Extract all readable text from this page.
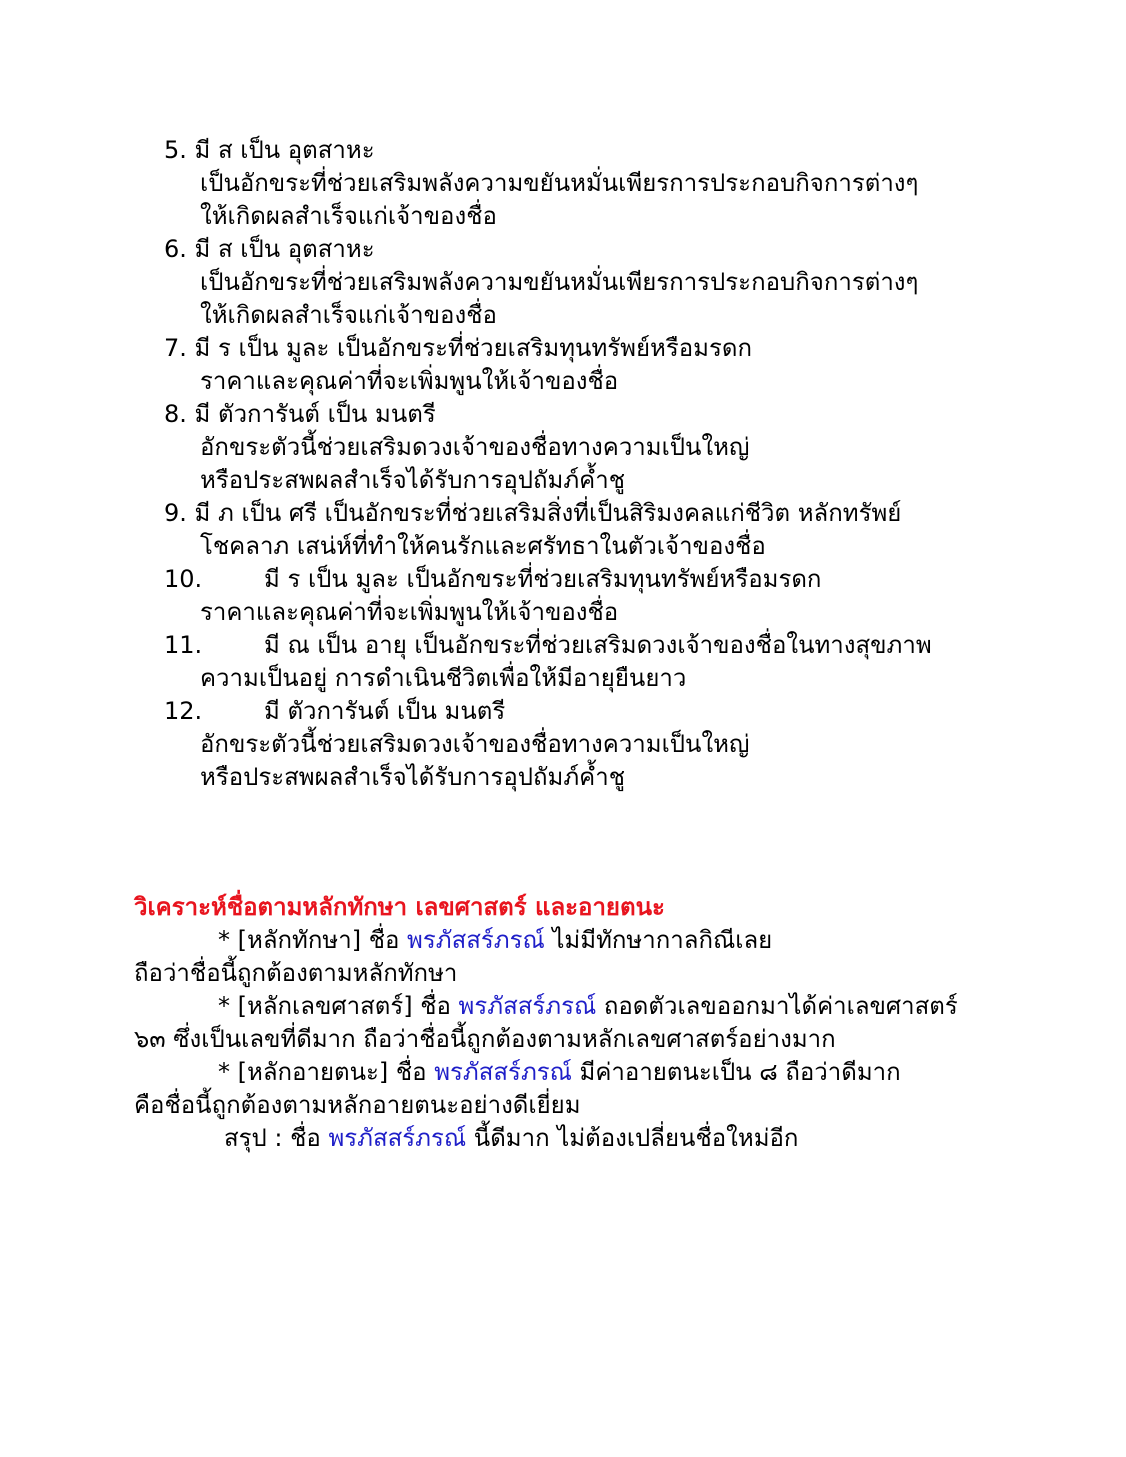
5. มี ส เป็น อุตสาหะ
เป็นอักขระที่ช่วยเสริมพลังความขยันหมั่นเพียรการประกอบกิจการต่างๆ
ให้เกิดผลสำเร็จแก่เจ้าของชื่อ
6. มี ส เป็น อุตสาหะ
เป็นอักขระที่ช่วยเสริมพลังความขยันหมั่นเพียรการประกอบกิจการต่างๆ
ให้เกิดผลสำเร็จแก่เจ้าของชื่อ
7. มี ร เป็น มูละ เป็นอักขระที่ช่วยเสริมทุนทรัพย์หรือมรดก
ราคาและคุณค่าที่จะเพิ่มพูนให้เจ้าของชื่อ
8. มี ตัวการันต์ เป็น มนตรี
อักขระตัวนี้ช่วยเสริมดวงเจ้าของชื่อทางความเป็นใหญ่
หรือประสพผลสำเร็จได้รับการอุปถัมภ์ค้ำชู
9. มี ภ เป็น ศรี เป็นอักขระที่ช่วยเสริมสิ่งที่เป็นสิริมงคลแก่ชีวิต หลักทรัพย์
โชคลาภ เสน่ห์ที่ทำให้คนรักและศรัทธาในตัวเจ้าของชื่อ
10.	มี ร เป็น มูละ เป็นอักขระที่ช่วยเสริมทุนทรัพย์หรือมรดก
ราคาและคุณค่าที่จะเพิ่มพูนให้เจ้าของชื่อ
11.	มี ณ เป็น อายุ เป็นอักขระที่ช่วยเสริมดวงเจ้าของชื่อในทางสุขภาพ
ความเป็นอยู่ การดำเนินชีวิตเพื่อให้มีอายุยืนยาว
12.	มี ตัวการันต์ เป็น มนตรี
อักขระตัวนี้ช่วยเสริมดวงเจ้าของชื่อทางความเป็นใหญ่
หรือประสพผลสำเร็จได้รับการอุปถัมภ์ค้ำชู
วิเคราะห์ชื่อตามหลักทักษา เลขศาสตร์ และอายตนะ
* [หลักทักษา] ชื่อ พรภัสสร์ภรณ์ ไม่มีทักษากาลกิณีเลย
ถือว่าชื่อนี้ถูกต้องตามหลักทักษา
* [หลักเลขศาสตร์] ชื่อ พรภัสสร์ภรณ์ ถอดตัวเลขออกมาได้ค่าเลขศาสตร์
๖๓ ซึ่งเป็นเลขที่ดีมาก ถือว่าชื่อนี้ถูกต้องตามหลักเลขศาสตร์อย่างมาก
* [หลักอายตนะ] ชื่อ พรภัสสร์ภรณ์ มีค่าอายตนะเป็น ๘ ถือว่าดีมาก
คือชื่อนี้ถูกต้องตามหลักอายตนะอย่างดีเยี่ยม
สรุป : ชื่อ พรภัสสร์ภรณ์ นี้ดีมาก ไม่ต้องเปลี่ยนชื่อใหม่อีก
